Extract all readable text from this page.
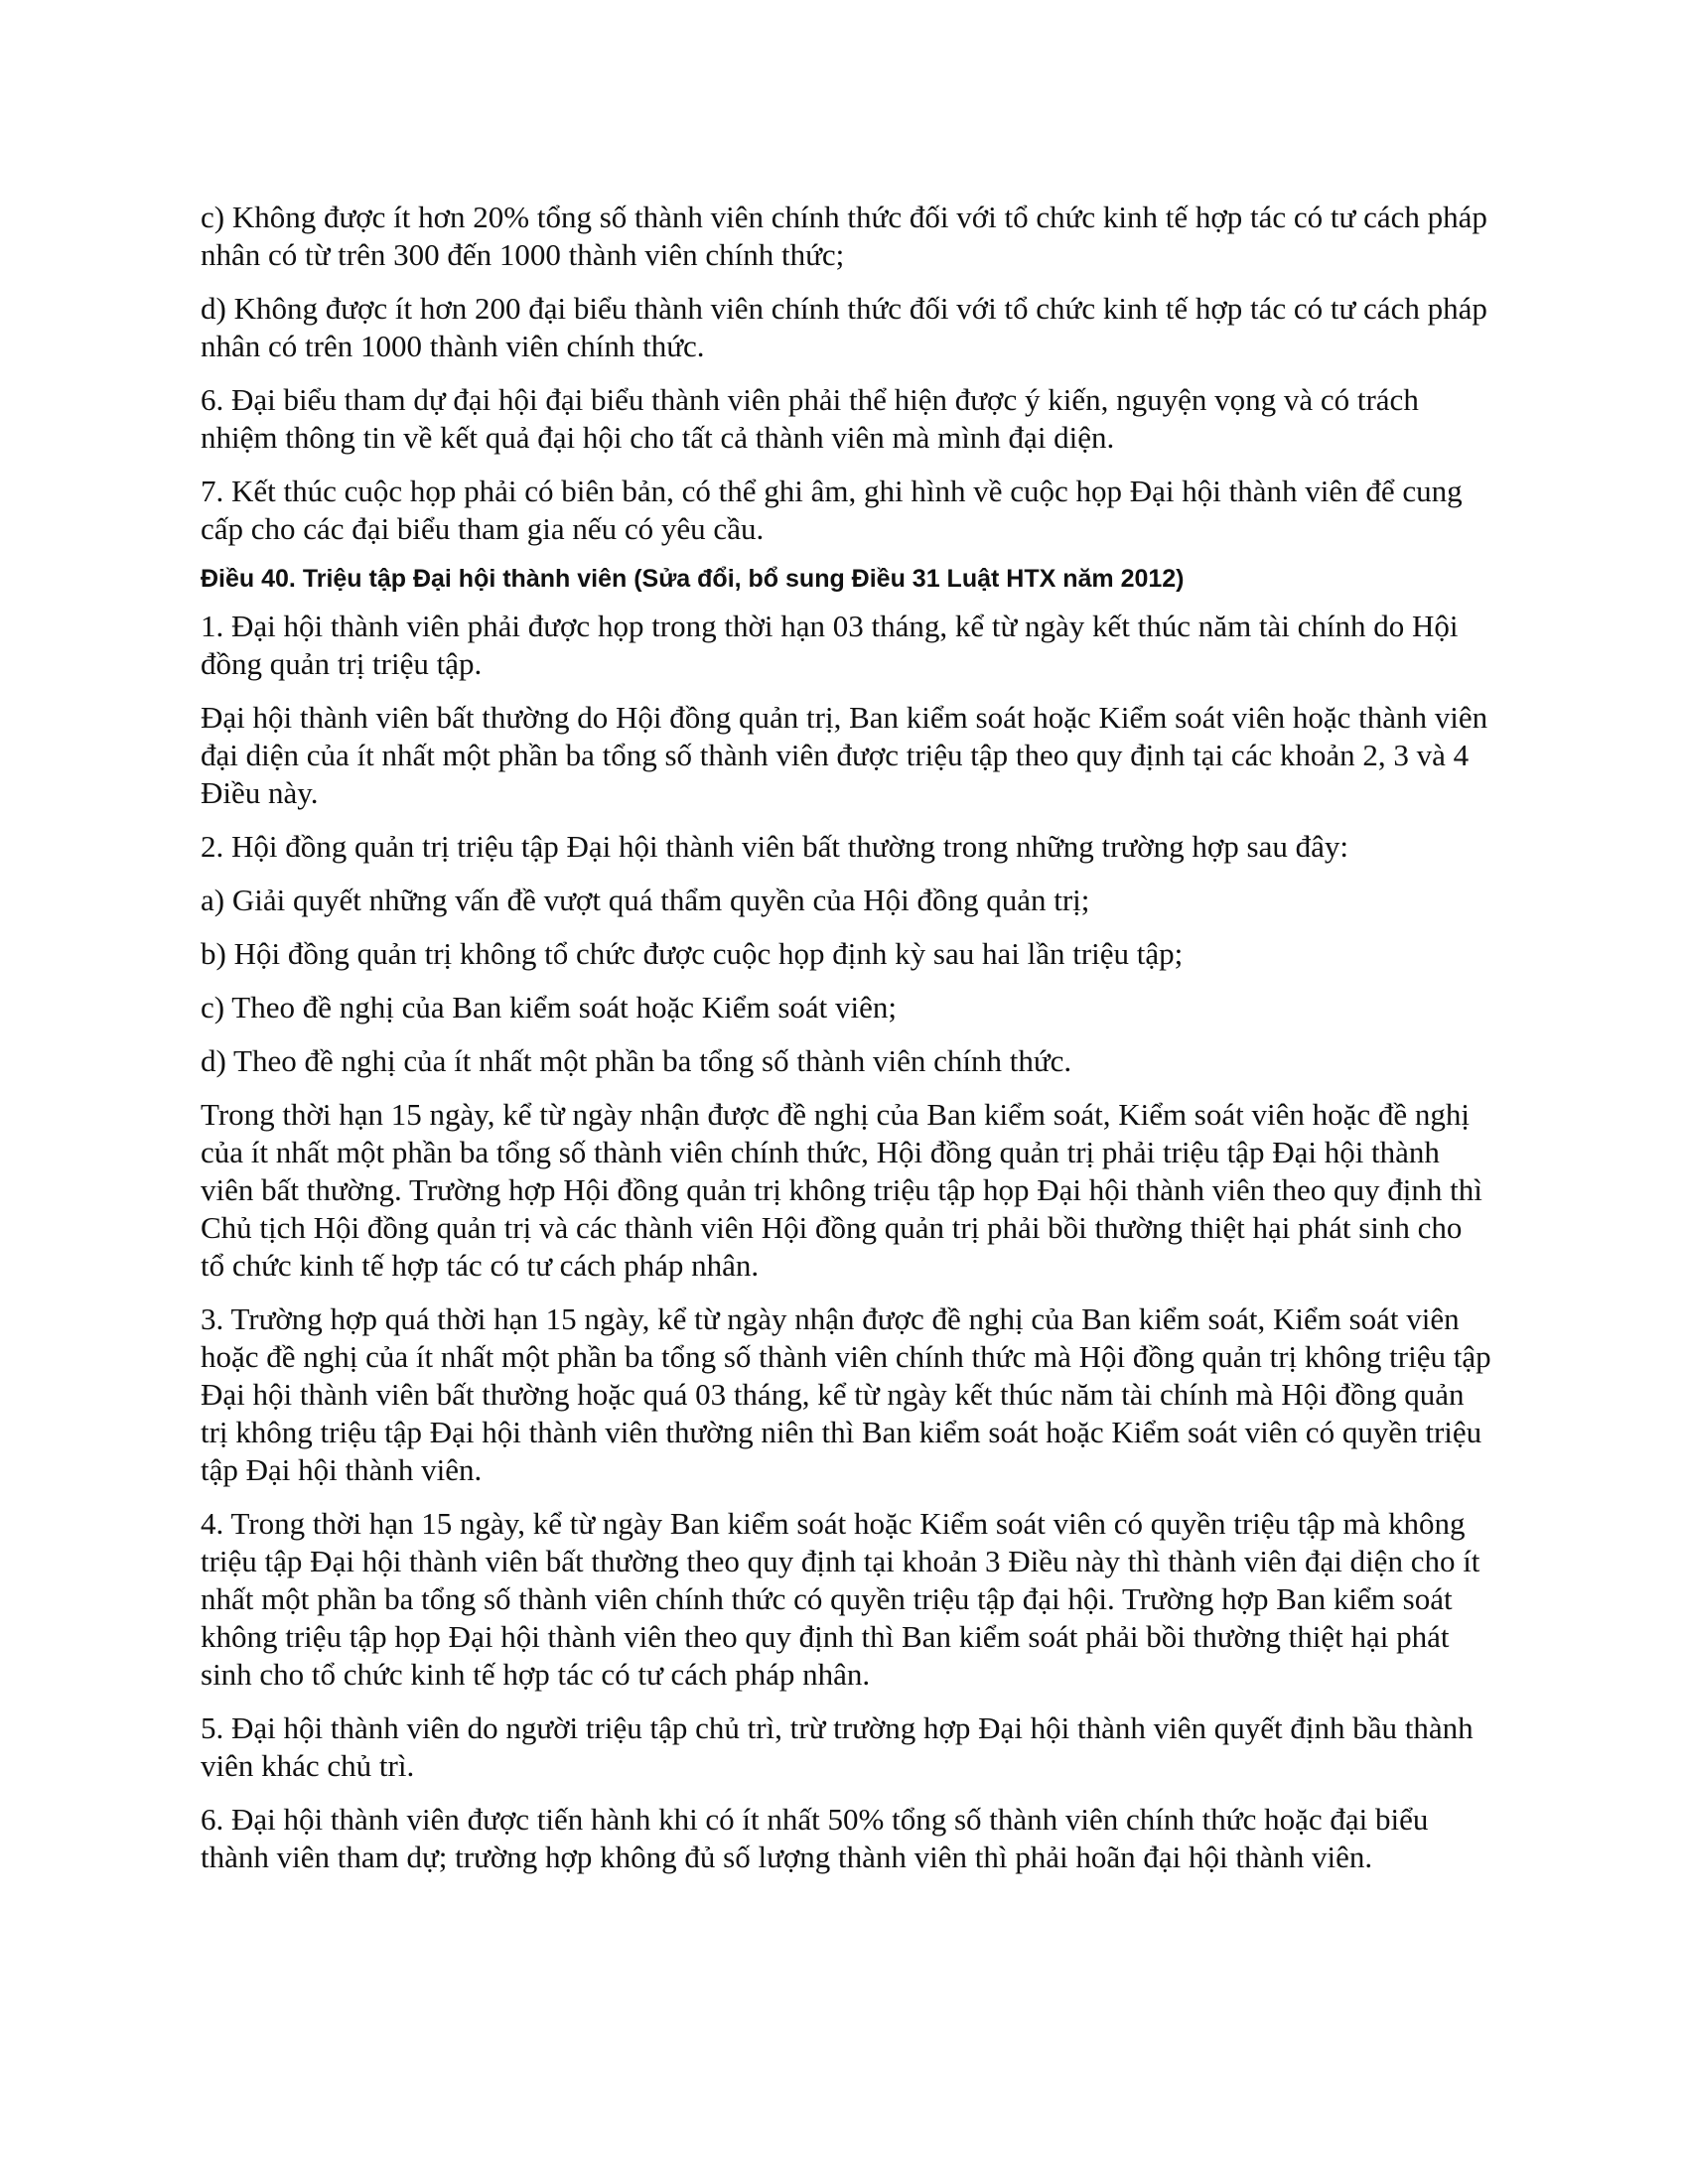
c) Không được ít hơn 20% tổng số thành viên chính thức đối với tổ chức kinh tế hợp tác có tư cách pháp nhân có từ trên 300 đến 1000 thành viên chính thức;

d) Không được ít hơn 200 đại biểu thành viên chính thức đối với tổ chức kinh tế hợp tác có tư cách pháp nhân có trên 1000 thành viên chính thức.

6. Đại biểu tham dự đại hội đại biểu thành viên phải thể hiện được ý kiến, nguyện vọng và có trách nhiệm thông tin về kết quả đại hội cho tất cả thành viên mà mình đại diện.

7. Kết thúc cuộc họp phải có biên bản, có thể ghi âm, ghi hình về cuộc họp Đại hội thành viên để cung cấp cho các đại biểu tham gia nếu có yêu cầu.

Điều 40. Triệu tập Đại hội thành viên (Sửa đổi, bổ sung Điều 31 Luật HTX năm 2012)

1. Đại hội thành viên phải được họp trong thời hạn 03 tháng, kể từ ngày kết thúc năm tài chính do Hội đồng quản trị triệu tập.

Đại hội thành viên bất thường do Hội đồng quản trị, Ban kiểm soát hoặc Kiểm soát viên hoặc thành viên đại diện của ít nhất một phần ba tổng số thành viên được triệu tập theo quy định tại các khoản 2, 3 và 4 Điều này.

2. Hội đồng quản trị triệu tập Đại hội thành viên bất thường trong những trường hợp sau đây:

a) Giải quyết những vấn đề vượt quá thẩm quyền của Hội đồng quản trị;

b) Hội đồng quản trị không tổ chức được cuộc họp định kỳ sau hai lần triệu tập;

c) Theo đề nghị của Ban kiểm soát hoặc Kiểm soát viên;

d) Theo đề nghị của ít nhất một phần ba tổng số thành viên chính thức.

Trong thời hạn 15 ngày, kể từ ngày nhận được đề nghị của Ban kiểm soát, Kiểm soát viên hoặc đề nghị của ít nhất một phần ba tổng số thành viên chính thức, Hội đồng quản trị phải triệu tập Đại hội thành viên bất thường. Trường hợp Hội đồng quản trị không triệu tập họp Đại hội thành viên theo quy định thì Chủ tịch Hội đồng quản trị và các thành viên Hội đồng quản trị phải bồi thường thiệt hại phát sinh cho tổ chức kinh tế hợp tác có tư cách pháp nhân.

3. Trường hợp quá thời hạn 15 ngày, kể từ ngày nhận được đề nghị của Ban kiểm soát, Kiểm soát viên hoặc đề nghị của ít nhất một phần ba tổng số thành viên chính thức mà Hội đồng quản trị không triệu tập Đại hội thành viên bất thường hoặc quá 03 tháng, kể từ ngày kết thúc năm tài chính mà Hội đồng quản trị không triệu tập Đại hội thành viên thường niên thì Ban kiểm soát hoặc Kiểm soát viên có quyền triệu tập Đại hội thành viên.

4. Trong thời hạn 15 ngày, kể từ ngày Ban kiểm soát hoặc Kiểm soát viên có quyền triệu tập mà không triệu tập Đại hội thành viên bất thường theo quy định tại khoản 3 Điều này thì thành viên đại diện cho ít nhất một phần ba tổng số thành viên chính thức có quyền triệu tập đại hội. Trường hợp Ban kiểm soát không triệu tập họp Đại hội thành viên theo quy định thì Ban kiểm soát phải bồi thường thiệt hại phát sinh cho tổ chức kinh tế hợp tác có tư cách pháp nhân.

5. Đại hội thành viên do người triệu tập chủ trì, trừ trường hợp Đại hội thành viên quyết định bầu thành viên khác chủ trì.

6. Đại hội thành viên được tiến hành khi có ít nhất 50% tổng số thành viên chính thức hoặc đại biểu thành viên tham dự; trường hợp không đủ số lượng thành viên thì phải hoãn đại hội thành viên.
